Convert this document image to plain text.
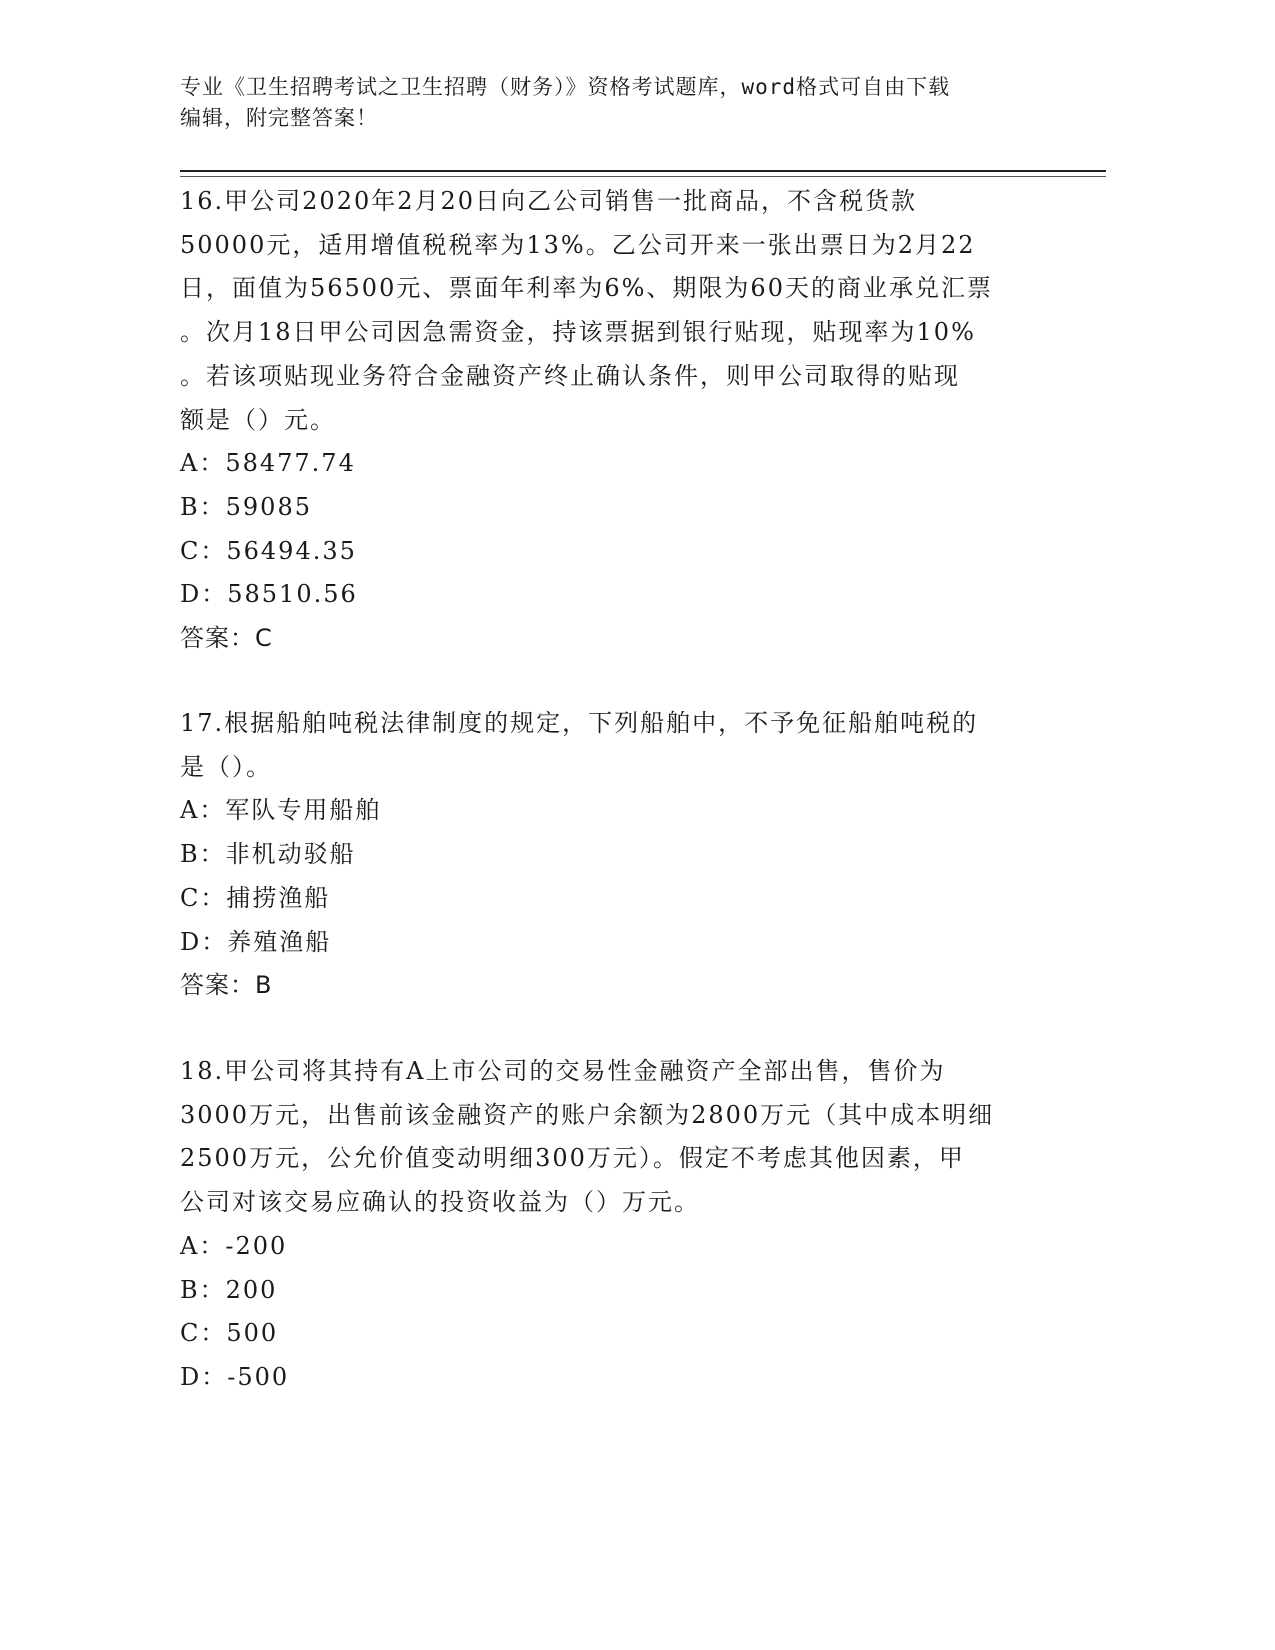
专业《卫生招聘考试之卫生招聘（财务）》资格考试题库，word格式可自由下载
编辑，附完整答案！
16.甲公司2020年2月20日向乙公司销售一批商品，不含税货款
50000元，适用增值税税率为13%。乙公司开来一张出票日为2月22
日，面值为56500元、票面年利率为6%、期限为60天的商业承兑汇票
。次月18日甲公司因急需资金，持该票据到银行贴现，贴现率为10%
。若该项贴现业务符合金融资产终止确认条件，则甲公司取得的贴现
额是（）元。
A：58477.74
B：59085
C：56494.35
D：58510.56
答案：C
17.根据船舶吨税法律制度的规定，下列船舶中，不予免征船舶吨税的
是（）。
A：军队专用船舶
B：非机动驳船
C：捕捞渔船
D：养殖渔船
答案：B
18.甲公司将其持有A上市公司的交易性金融资产全部出售，售价为
3000万元，出售前该金融资产的账户余额为2800万元（其中成本明细
2500万元，公允价值变动明细300万元）。假定不考虑其他因素，甲
公司对该交易应确认的投资收益为（）万元。
A：-200
B：200
C：500
D：-500
